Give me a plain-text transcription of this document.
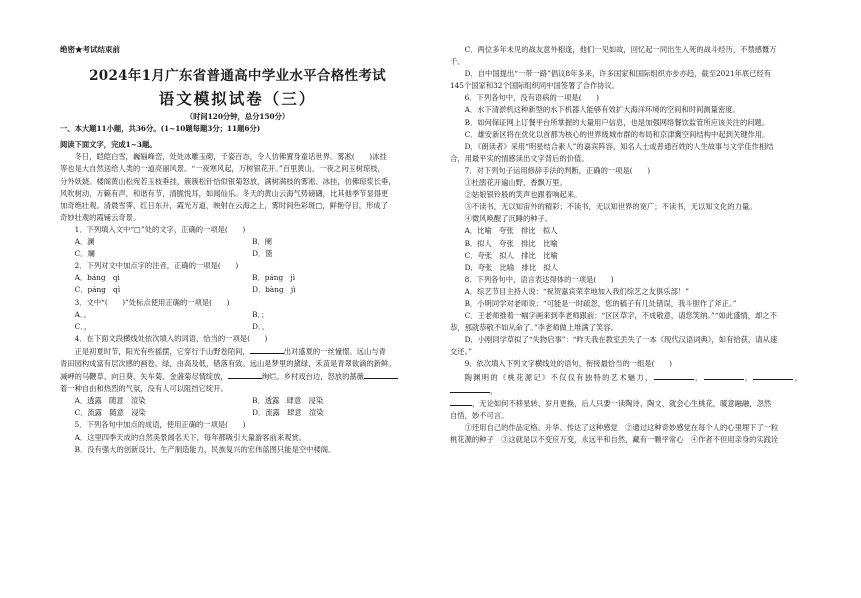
绝密★考试结束前

2024年1月广东省普通高中学业水平合格性考试

语文模拟试卷（三）

（时间120分钟，总分150分）

一、本大题11小题，共36分。(1~10题每题3分；11题6分)

阅读下面文字，完成1~3题。

冬日，皑皑白雪，巍辎峰峦，处处冰雕玉砌，千姿百态，令人仿佛置身童话世界。雾凇(　　)冰挂

等也是大自然送给人类的一道亮丽风景。“一夜寒风起，万树银花开。”百里黄山，一夜之间玉树琼枝，

分外妖娆。楼阁黄山松宛若玉枝垂挂，簇簇松针恰似银菊怒放，满树满枝的雾凇、冰挂，仿佛琼浆长垂，

风吹树动，万籁有声，和谐有节，清脆悦耳，如闻仙乐。冬天的黄山云海气势磅礴，比其他季节显得更

加奇绝壮观。清晨雪霁，红日东升，霞光万道，映射在云海之上，雾时间色彩斑□，鲜艳夺目，形成了

奇妙壮观的霞铺云奇景。

1．下列填入文中“□”处的文字，正确的一项是(　　)

A．澜	B．阑
C．斓	D．篮

2．下列对文中加点字的注音，正确的一项是(　　)

A．báng　qì	B．páng　jì
C．páng　qì	D．bàng　jì

3．文中“(　　)”处标点使用正确的一项是(　　)

A．。	B．；
C．，	D．、

4．在下面文段横线处依次填入的词语，恰当的一项是(　　)

正是初夏时节，阳光有些摇摆，它穿行于山野卷陌间，	出对盛夏的一丝憧憬。远山与青

青田园构成富有层次感的画卷。绿，由高及低，错落有致。远山是梦里的黛绿，禾苗是青翠欲滴的新鲜。

减岬的马鞭草、向日葵、矢车菊、金盏菊尽情绽放，	绚烂。乡村戏台边，怒放的蔷薇

着一种自由和热烈的气氛，没有人可以阻挡它绽开。

A．透露　随意　渲染	B．透露　肆意　浸染
C．流露　随意　浸染	D．流露　肆意　渲染

5．下列各句中加点的成语，使用正确的一项是(　　)

A．这里四季天成的自然美景闻名天下，每年都吸引大量游客前来观赏。

B．没有强大的创新设计、生产制造能力，民族复兴的宏伟蓝图只能是空中楼阁。

C．两位多年未见的战友意外相逢，他们一见如故，回忆起一同出生入死的战斗经历，不禁感慨万

千。

D．自中国提出“一带一路”倡议8年多来，许多国家和国际组织亦步亦趋，截至2021年底已经有

145个国家和32个国际组织同中国签署了合作协议。

6．下列各句中，没有语病的一项是(　　)

A．水下清淤机这种新型的水下机器人能够有效扩大海洋环境的空间和时间测量密度。

B．如何保证网上订餐平台所掌握的大量用户信息，也是加强网络餐饮监管所应该关注的问题。

C．雄安新区将在优化以首都为核心的世界级城市群的布局和京津冀空间结构中起到关键作用。

D．《朗读者》采用“明星结合素人”的嘉宾阵容，知名人士或普通百姓的人生故事与文学佳作相结

合，用最平实的情感读出文字背后的价值。

7．对下列句子运用修辞手法的判断，正确的一项是(　　)

①杜鹃花开遍山野，香飘万里。

②姑娘银铃般的笑声也跟着响起来。

③不读书，无以知宙外的精彩；不读书，无以知世界的宽广；不读书，无以知文化的力量。

④微风唤醒了沉睡的种子。

A．比喻　夸张　排比　拟人

B．拟人　夸张　排比　比喻

C．夸张　拟人　排比　比喻

D．夸张　比喻　排比　拟人

8．下列各句中，语言表达得体的一项是(　　)

A．综艺节目主持人说：“祝贺嘉宾荣幸地加入我们综艺之友俱乐部！”

B．小明同学对老师说：“可能是一时疏忽，您的稿子有几处错误，我斗胆作了斧正。”

C．王老师推着一幅字画来到李老师跟前：“区区草字，不成敬意，请您笑纳。”“如此盛情，却之不

恭，那就恭敬不如从命了。”李老师做上堆满了笑容。

D．小刚同学草拟了“失物启事”：“昨天我在教室丢失了一本《现代汉语词典》，如有拾获，请从速

交还。”

9．依次填入下列文字横线处的语句，衔接最恰当的一组是(　　)

陶渊明的《桃花源记》不仅仅有独特的艺术魅力，	，	，	，，

，无论如何不移星转、岁月更换，后人只要一读陶诗、陶文，就会心生桃花，暖意融融，忽然

自悟，妙不可言。

①还用自己的作品定格、升华、传达了这种感觉　②通过这种奇妙感觉在每个人的心里埋下了一粒

桃花源的种子　③这就是以不变应万变，永远平和自然，藏有一颗平常心　④作者不但用亲身的实践诠
